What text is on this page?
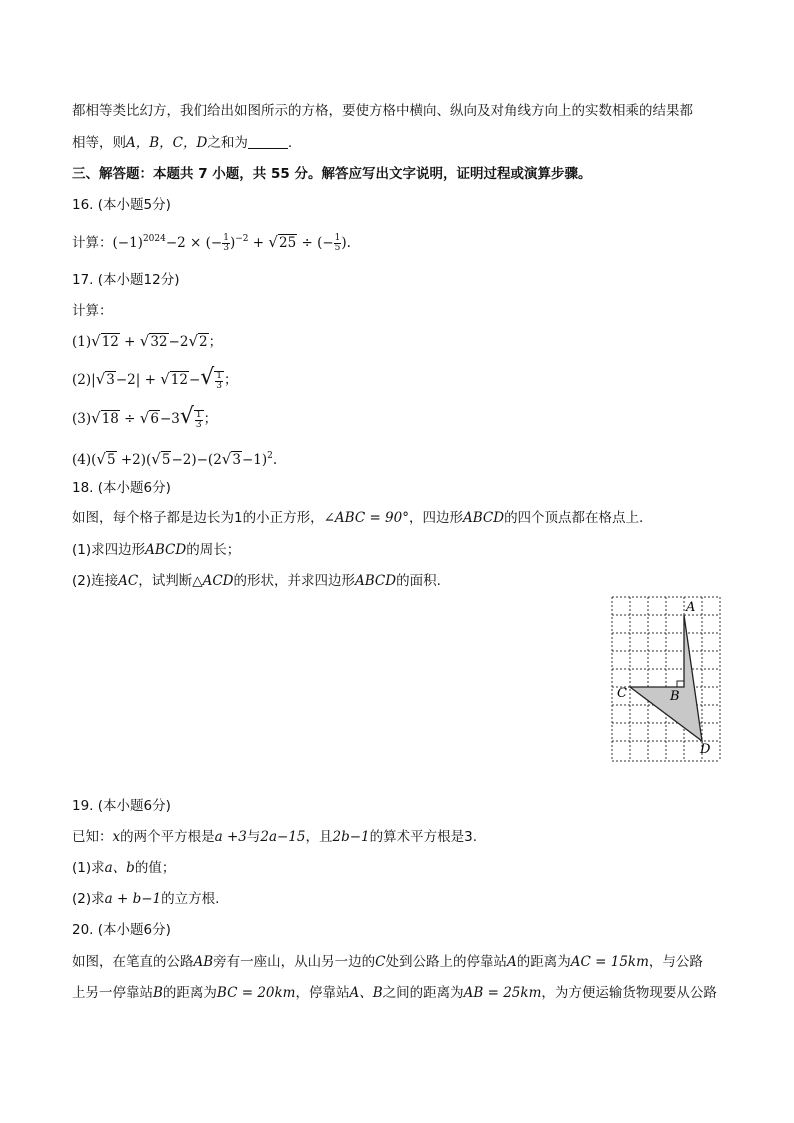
都相等类比幻方，我们给出如图所示的方格，要使方格中横向、纵向及对角线方向上的实数相乘的结果都
相等，则A，B，C，D之和为	.
三、解答题：本题共 7 小题，共 55 分。解答应写出文字说明，证明过程或演算步骤。
16. (本小题5分)
计算：$(-1)^{2024}-2$ × (− $\frac{1}{3} )^{-2} + √25$ ÷ (− $\frac{1}{5}$ ).
17. (本小题12分)
计算：
(1)√12 + √32−2√2；
$(2)|√3-2| + √12-√ \frac{1}{3}$ ；
$(3)√18 \div √6-3√ \frac{1}{3}$ ；
$(4)(√5 +2)(√5-2)-(2√3-1)^2$.
18. (本小题6分)
如图，每个格子都是边长为1的小正方形，∠ABC = 90°，四边形ABCD的四个顶点都在格点上.
(1)求四边形ABCD的周长；
(2)连接AC，试判断△ACD的形状，并求四边形ABCD的面积.
A
B
C
D
19. (本小题6分)
已知：x的两个平方根是a +3与2a−15，且2b−1的算术平方根是3.
(1)求a、b的值；
(2)求a + b−1的立方根.
20. (本小题6分)
如图，在笔直的公路AB旁有一座山，从山另一边的C处到公路上的停靠站A的距离为AC = 15km，与公路
上另一停靠站B的距离为BC = 20km，停靠站A、B之间的距离为AB = 25km，为方便运输货物现要从公路
